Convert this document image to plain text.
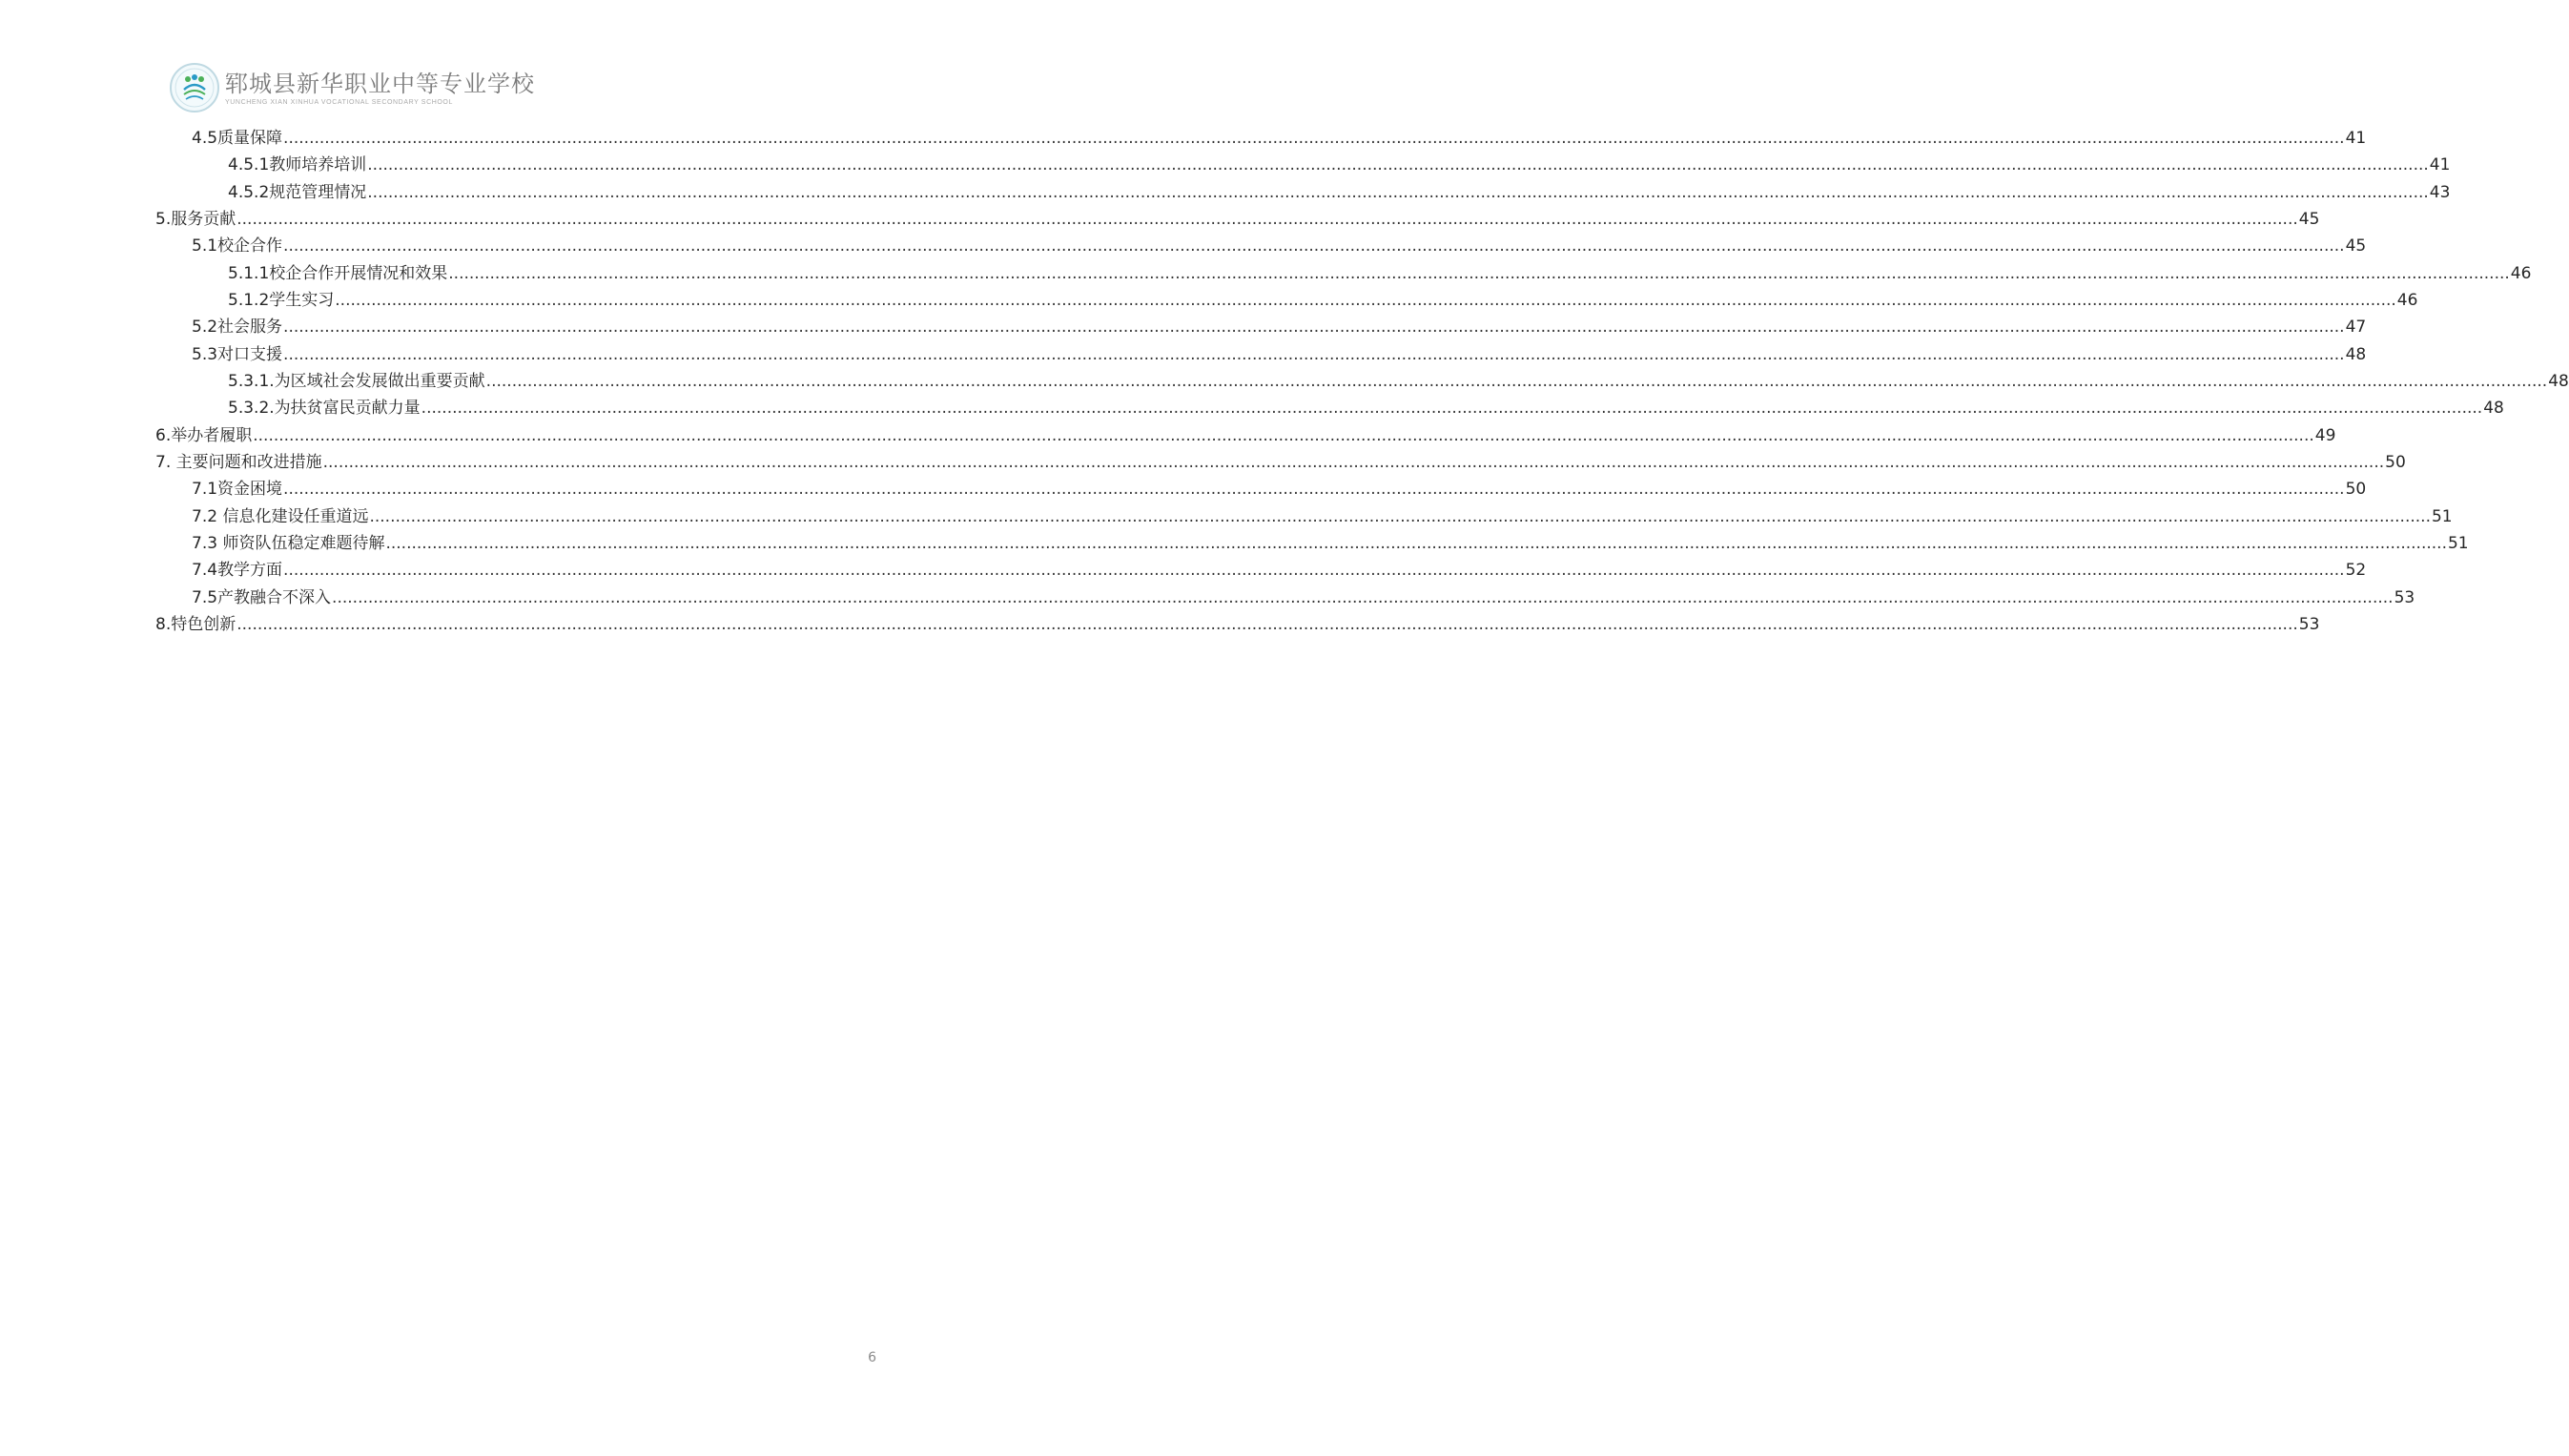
郓城县新华职业中等专业学校
YUNCHENG XIAN XINHUA VOCATIONAL SECONDARY SCHOOL
4.5质量保障 ................................................................................................................................................................................................................................................................................................................................................................................................................ 41
4.5.1教师培养培训 ................................................................................................................................................................................................................................................................................................................................................................................................................ 41
4.5.2规范管理情况 ................................................................................................................................................................................................................................................................................................................................................................................................................ 43
5.服务贡献 ................................................................................................................................................................................................................................................................................................................................................................................................................ 45
5.1校企合作 ................................................................................................................................................................................................................................................................................................................................................................................................................ 45
5.1.1校企合作开展情况和效果 ................................................................................................................................................................................................................................................................................................................................................................................................................ 46
5.1.2学生实习 ................................................................................................................................................................................................................................................................................................................................................................................................................ 46
5.2社会服务 ................................................................................................................................................................................................................................................................................................................................................................................................................ 47
5.3对口支援 ................................................................................................................................................................................................................................................................................................................................................................................................................ 48
5.3.1.为区域社会发展做出重要贡献 ................................................................................................................................................................................................................................................................................................................................................................................................................ 48
5.3.2.为扶贫富民贡献力量 ................................................................................................................................................................................................................................................................................................................................................................................................................ 48
6.举办者履职 ................................................................................................................................................................................................................................................................................................................................................................................................................ 49
7. 主要问题和改进措施 ................................................................................................................................................................................................................................................................................................................................................................................................................ 50
7.1资金困境 ................................................................................................................................................................................................................................................................................................................................................................................................................ 50
7.2 信息化建设任重道远 ................................................................................................................................................................................................................................................................................................................................................................................................................ 51
7.3 师资队伍稳定难题待解 ................................................................................................................................................................................................................................................................................................................................................................................................................ 51
7.4教学方面 ................................................................................................................................................................................................................................................................................................................................................................................................................ 52
7.5产教融合不深入 ................................................................................................................................................................................................................................................................................................................................................................................................................ 53
8.特色创新 ................................................................................................................................................................................................................................................................................................................................................................................................................ 53
6
